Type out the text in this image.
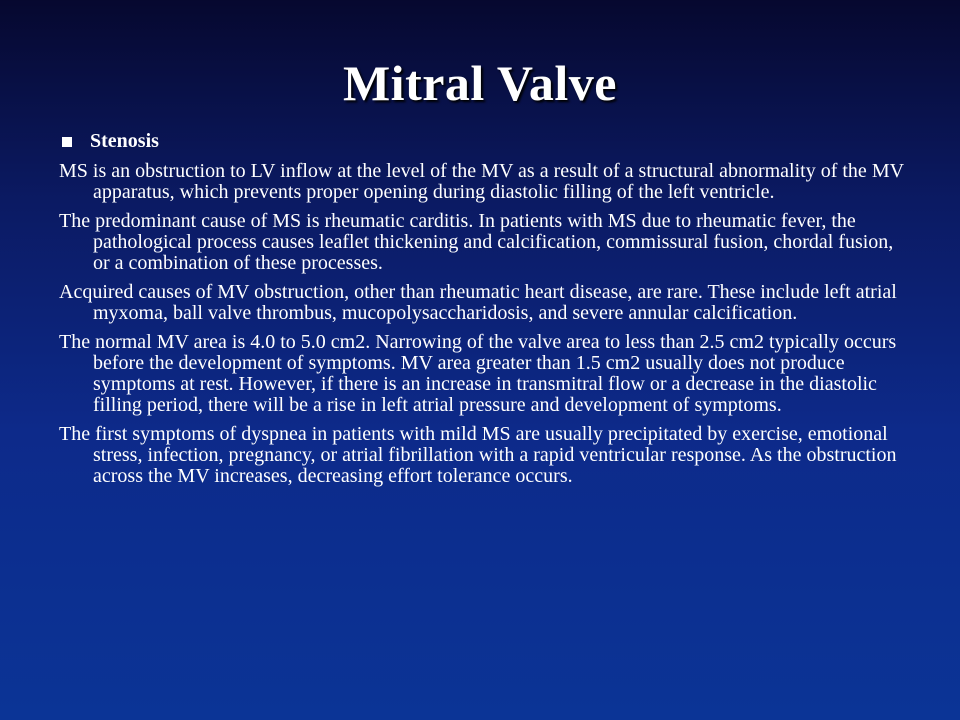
Mitral Valve
Stenosis

MS is an obstruction to LV inflow at the level of the MV as a result of a structural abnormality of the MV apparatus, which prevents proper opening during diastolic filling of the left ventricle.

The predominant cause of MS is rheumatic carditis. In patients with MS due to rheumatic fever, the pathological process causes leaflet thickening and calcification, commissural fusion, chordal fusion, or a combination of these processes.

Acquired causes of MV obstruction, other than rheumatic heart disease, are rare. These include left atrial myxoma, ball valve thrombus, mucopolysaccharidosis, and severe annular calcification.

The normal MV area is 4.0 to 5.0 cm2. Narrowing of the valve area to less than 2.5 cm2 typically occurs before the development of symptoms. MV area greater than 1.5 cm2 usually does not produce symptoms at rest. However, if there is an increase in transmitral flow or a decrease in the diastolic filling period, there will be a rise in left atrial pressure and development of symptoms.

The first symptoms of dyspnea in patients with mild MS are usually precipitated by exercise, emotional stress, infection, pregnancy, or atrial fibrillation with a rapid ventricular response. As the obstruction across the MV increases, decreasing effort tolerance occurs.
